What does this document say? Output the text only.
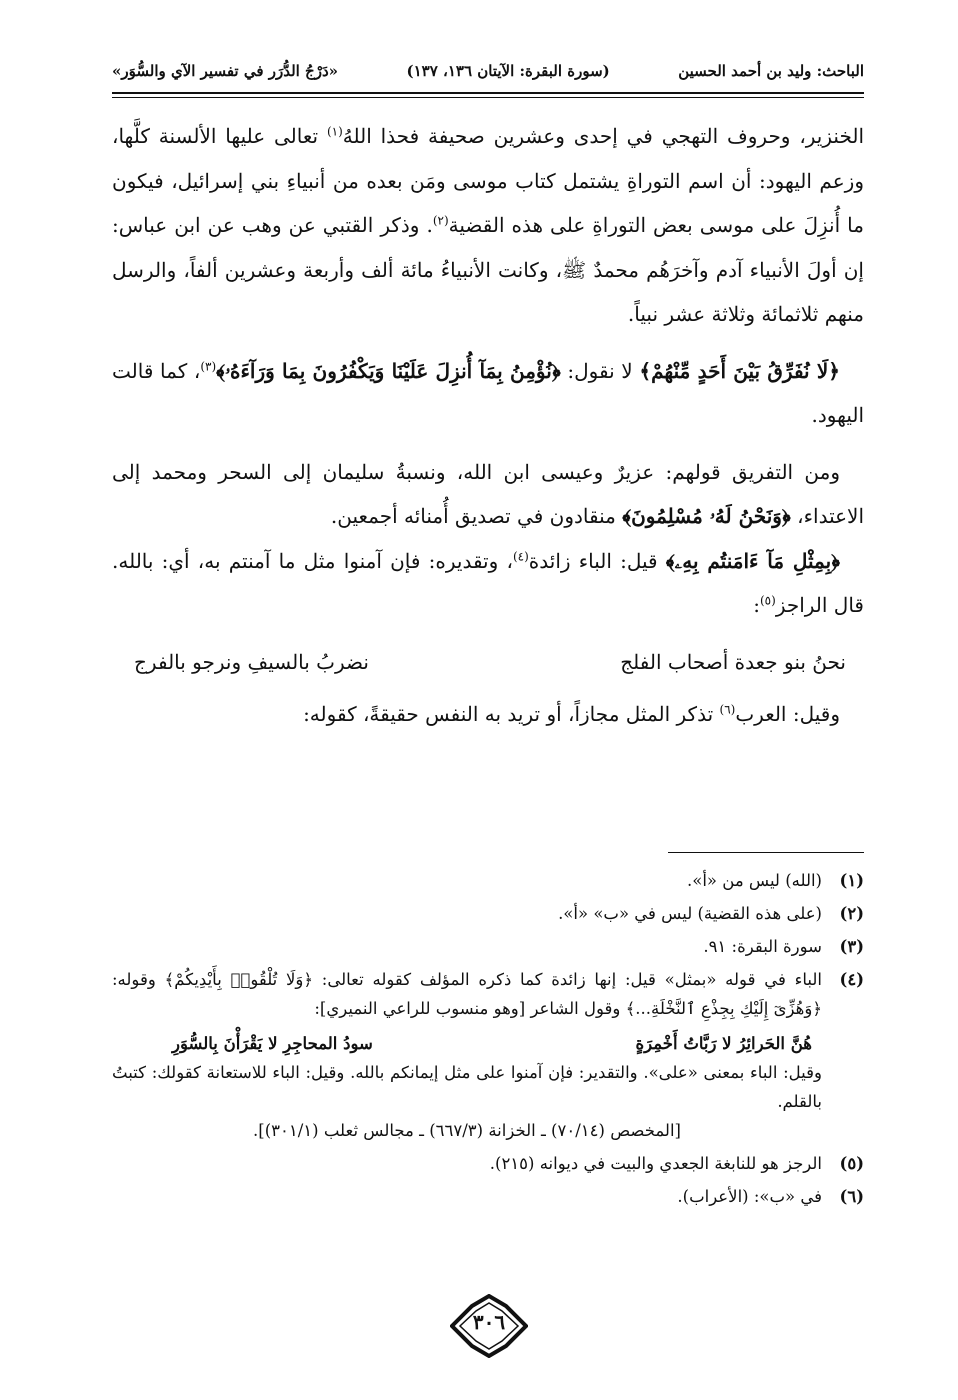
الباحث: وليد بن أحمد الحسين
(سورة البقرة: الآيتان ١٣٦، ١٣٧)
«دَرْجُ الدُّرَر في تفسير الآي والسُّوَر»

الخنزير، وحروف التهجي في إحدى وعشرين صحيفة فحذا اللهُ$^{(١)}$ تعالى عليها الألسنة كلَّها، وزعم اليهود: أن اسم التوراةِ يشتمل كتاب موسى ومَن بعده من أنبياءِ بني إسرائيل، فيكون ما أُنزِلَ على موسى بعض التوراةِ على هذه القضية$^{(٢)}$. وذكر القتبي عن وهب عن ابن عباس: إن أولَ الأنبياء آدم وآخرَهُم محمدٌ ﷺ، وكانت الأنبياءُ مائة ألف وأربعة وعشرين ألفاً، والرسل منهم ثلاثمائة وثلاثة عشر نبياً.

﴿لَا نُفَرِّقُ بَيْنَ أَحَدٍ مِّنْهُمْ﴾ لا نقول: ﴿نُؤْمِنُ بِمَآ أُنزِلَ عَلَيْنَا وَيَكْفُرُونَ بِمَا وَرَآءَهُۥ﴾$^{(٣)}$، كما قالت اليهود.

ومن التفريق قولهم: عزيرٌ وعيسى ابن الله، ونسبةُ سليمان إلى السحر ومحمد إلى الاعتداء، ﴿وَنَحْنُ لَهُۥ مُسْلِمُونَ﴾ منقادون في تصديق أُمنائه أجمعين.

﴿بِمِثْلِ مَآ ءَامَنتُم بِهِۦ﴾ قيل: الباء زائدة$^{(٤)}$، وتقديره: فإن آمنوا مثل ما آمنتم به، أي: بالله. قال الراجز$^{(٥)}$:

نحنُ بنو جعدة أصحاب الفلج
نضربُ بالسيفِ ونرجو بالفرج

وقيل: العرب$^{(٦)}$ تذكر المثل مجازاً، أو تريد به النفس حقيقةً، كقوله:

(١)
(الله) ليس من «أ».
(٢)
(على هذه القضية) ليس في «ب» «أ».
(٣)
سورة البقرة: ٩١.
(٤)
الباء في قوله «بمثل» قيل: إنها زائدة كما ذكره المؤلف كقوله تعالى: ﴿وَلَا تُلْقُوا۟ بِأَيْدِيكُمْ﴾ وقوله: ﴿وَهُزِّىٓ إِلَيْكِ بِجِذْعِ ٱلنَّخْلَةِ...﴾ وقول الشاعر [وهو منسوب للراعي النميري]:
هُنَّ الحَرائِرُ لا رَبَّاتُ أَخْمِرَةٍ
سودُ المحاجِرِ لا يَقْرَأْنَ بِالسُّوَرِ
وقيل: الباء بمعنى «على». والتقدير: فإن آمنوا على مثل إيمانكم بالله. وقيل: الباء للاستعانة كقولك: كتبتُ بالقلم.
[المخصص (٧٠/١٤) ـ الخزانة (٦٦٧/٣) ـ مجالس ثعلب (٣٠١/١)].
(٥)
الرجز هو للنابغة الجعدي والبيت في ديوانه (٢١٥).
(٦)
في «ب»: (الأعراب).
٣٠٦
